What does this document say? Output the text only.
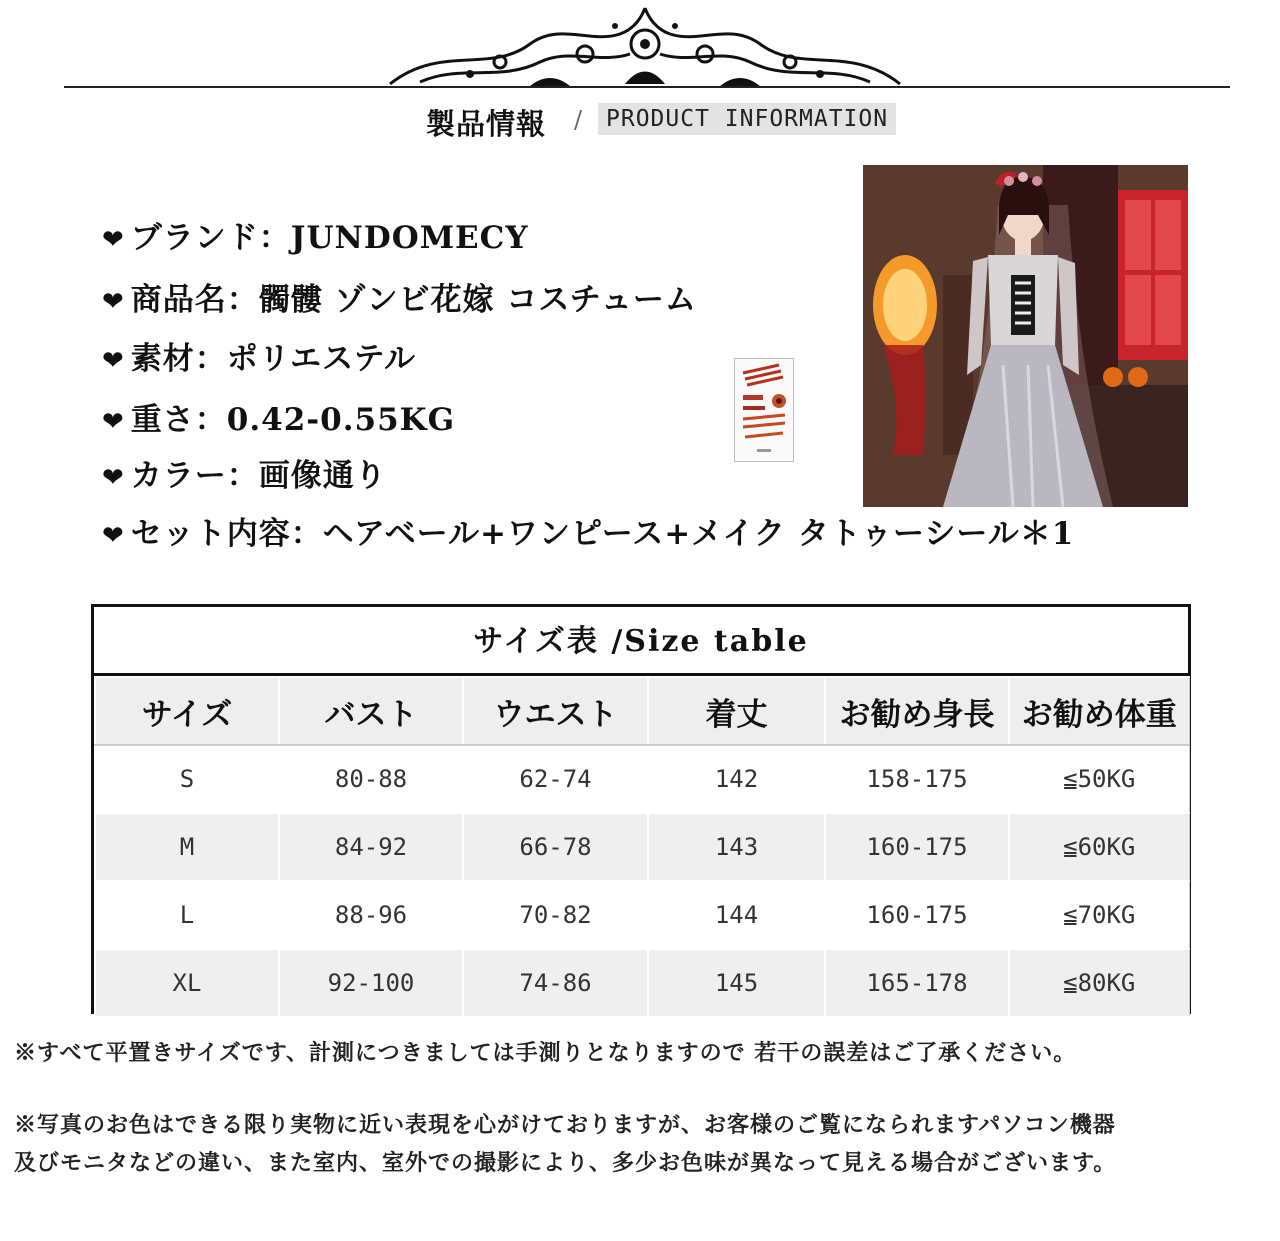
製品情報 /	PRODUCT INFORMATION
❤ ブランド：JUNDOMECY
❤ 商品名：髑髏 ゾンビ花嫁 コスチューム
❤ 素材：ポリエステル
❤ 重さ：0.42-0.55KG
❤ カラー：画像通り
❤ セット内容：ヘアベール+ワンピース+メイク タトゥーシール＊1
サイズ表 /Size table
サイズ	バスト	ウエスト	着丈	お勧め身長	お勧め体重
S	80-88	62-74	142	158-175	≦50KG
M	84-92	66-78	143	160-175	≦60KG
L	88-96	70-82	144	160-175	≦70KG
XL	92-100	74-86	145	165-178	≦80KG
※すべて平置きサイズです、計測につきましては手測りとなりますので 若干の誤差はご了承ください。
※写真のお色はできる限り実物に近い表現を心がけておりますが、お客様のご覧になられますパソコン機器
及びモニタなどの違い、また室内、室外での撮影により、多少お色味が異なって見える場合がございます。
